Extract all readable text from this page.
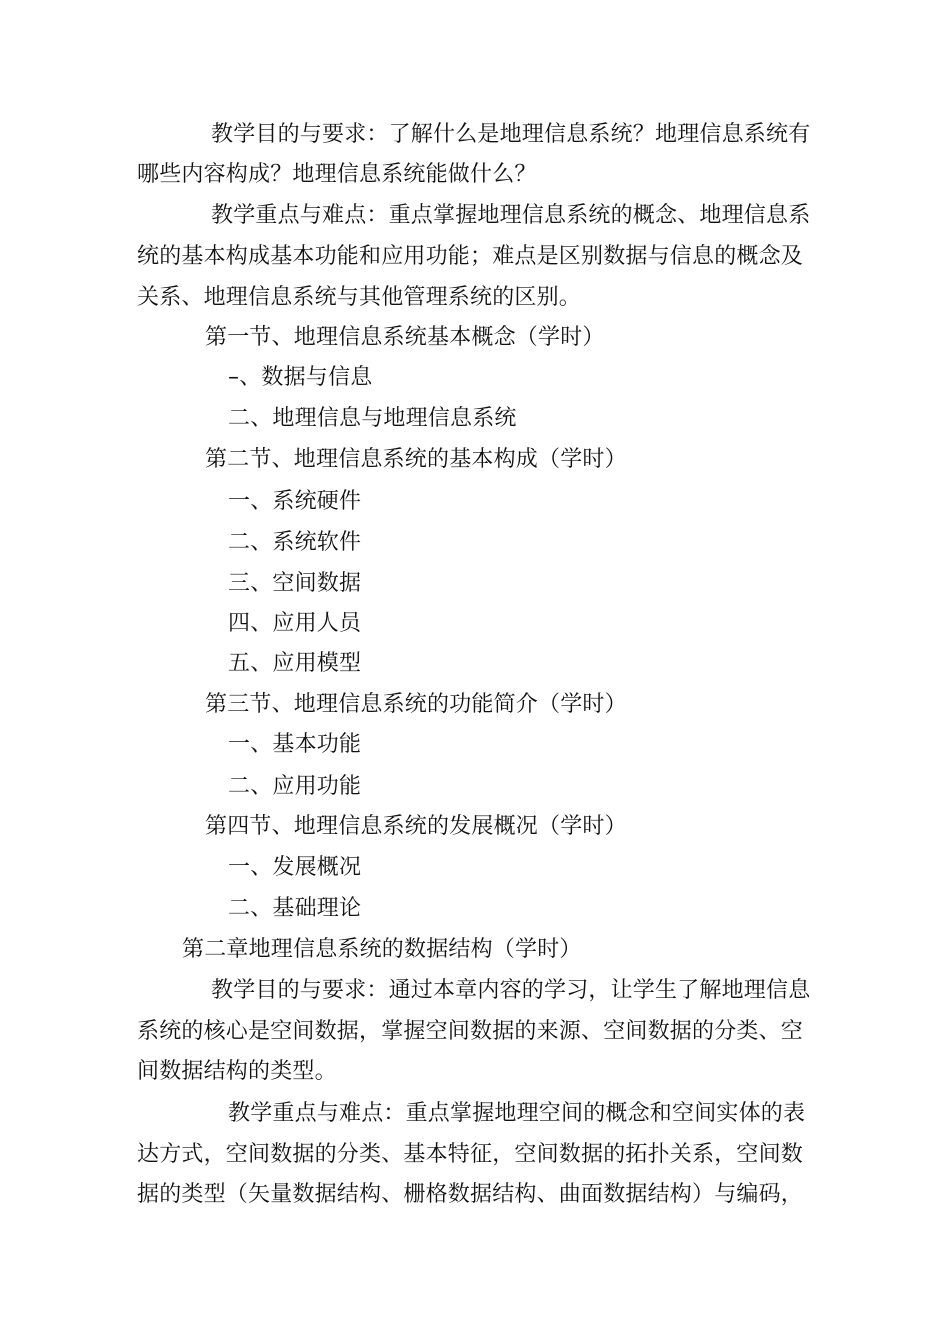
教学目的与要求：了解什么是地理信息系统？地理信息系统有
哪些内容构成？地理信息系统能做什么？
教学重点与难点：重点掌握地理信息系统的概念、地理信息系
统的基本构成基本功能和应用功能；难点是区别数据与信息的概念及
关系、地理信息系统与其他管理系统的区别。
第一节、地理信息系统基本概念（学时）
–、数据与信息
二、地理信息与地理信息系统
第二节、地理信息系统的基本构成（学时）
一、系统硬件
二、系统软件
三、空间数据
四、应用人员
五、应用模型
第三节、地理信息系统的功能简介（学时）
一、基本功能
二、应用功能
第四节、地理信息系统的发展概况（学时）
一、发展概况
二、基础理论
第二章地理信息系统的数据结构（学时）
教学目的与要求：通过本章内容的学习，让学生了解地理信息
系统的核心是空间数据，掌握空间数据的来源、空间数据的分类、空
间数据结构的类型。
教学重点与难点：重点掌握地理空间的概念和空间实体的表
达方式，空间数据的分类、基本特征，空间数据的拓扑关系，空间数
据的类型（矢量数据结构、栅格数据结构、曲面数据结构）与编码，
